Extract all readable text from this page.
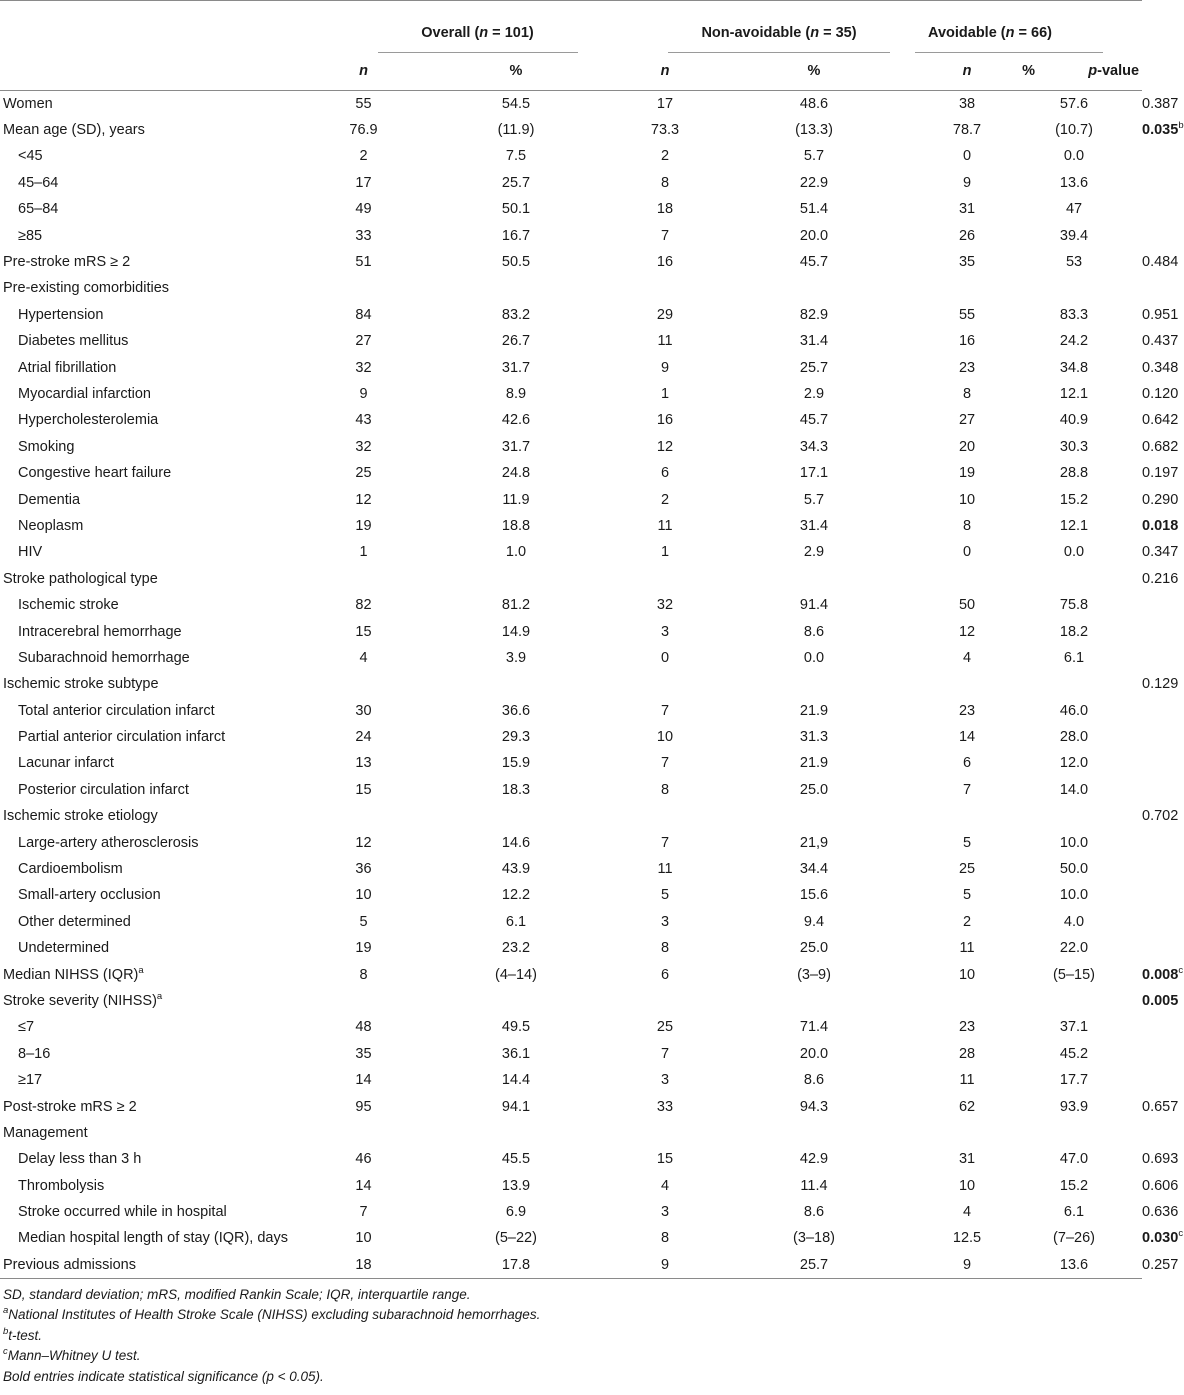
	Overall (n = 101)		Non-avoidable (n = 35)		Avoidable (n = 66)		

	n	%	n	%	n	% p-value	
Women	55	54.5	17	48.6	38	57.6	0.387
Mean age (SD), years	76.9	(11.9)	73.3	(13.3)	78.7	(10.7)	0.035$^b$
<45	2	7.5	2	5.7	0	0.0	
45–64	17	25.7	8	22.9	9	13.6	
65–84	49	50.1	18	51.4	31	47	
≥85	33	16.7	7	20.0	26	39.4	
Pre-stroke mRS ≥ 2	51	50.5	16	45.7	35	53	0.484
Pre-existing comorbidities							
Hypertension	84	83.2	29	82.9	55	83.3	0.951
Diabetes mellitus	27	26.7	11	31.4	16	24.2	0.437
Atrial fibrillation	32	31.7	9	25.7	23	34.8	0.348
Myocardial infarction	9	8.9	1	2.9	8	12.1	0.120
Hypercholesterolemia	43	42.6	16	45.7	27	40.9	0.642
Smoking	32	31.7	12	34.3	20	30.3	0.682
Congestive heart failure	25	24.8	6	17.1	19	28.8	0.197
Dementia	12	11.9	2	5.7	10	15.2	0.290
Neoplasm	19	18.8	11	31.4	8	12.1	0.018
HIV	1	1.0	1	2.9	0	0.0	0.347
Stroke pathological type							0.216
Ischemic stroke	82	81.2	32	91.4	50	75.8	
Intracerebral hemorrhage	15	14.9	3	8.6	12	18.2	
Subarachnoid hemorrhage	4	3.9	0	0.0	4	6.1	
Ischemic stroke subtype							0.129
Total anterior circulation infarct	30	36.6	7	21.9	23	46.0	
Partial anterior circulation infarct	24	29.3	10	31.3	14	28.0	
Lacunar infarct	13	15.9	7	21.9	6	12.0	
Posterior circulation infarct	15	18.3	8	25.0	7	14.0	
Ischemic stroke etiology							0.702
Large-artery atherosclerosis	12	14.6	7	21,9	5	10.0	
Cardioembolism	36	43.9	11	34.4	25	50.0	
Small-artery occlusion	10	12.2	5	15.6	5	10.0	
Other determined	5	6.1	3	9.4	2	4.0	
Undetermined	19	23.2	8	25.0	11	22.0	
Median NIHSS (IQR)$^a$	8	(4–14)	6	(3–9)	10	(5–15)	0.008$^c$
Stroke severity (NIHSS)$^a$							0.005
≤7	48	49.5	25	71.4	23	37.1	
8–16	35	36.1	7	20.0	28	45.2	
≥17	14	14.4	3	8.6	11	17.7	
Post-stroke mRS ≥ 2	95	94.1	33	94.3	62	93.9	0.657
Management							
Delay less than 3 h	46	45.5	15	42.9	31	47.0	0.693
Thrombolysis	14	13.9	4	11.4	10	15.2	0.606
Stroke occurred while in hospital	7	6.9	3	8.6	4	6.1	0.636
Median hospital length of stay (IQR), days	10	(5–22)	8	(3–18)	12.5	(7–26)	0.030$^c$
Previous admissions	18	17.8	9	25.7	9	13.6	0.257

SD, standard deviation; mRS, modified Rankin Scale; IQR, interquartile range.

$^a$National Institutes of Health Stroke Scale (NIHSS) excluding subarachnoid hemorrhages.

$^b$t-test.

$^c$Mann–Whitney U test.

Bold entries indicate statistical significance (p < 0.05).
